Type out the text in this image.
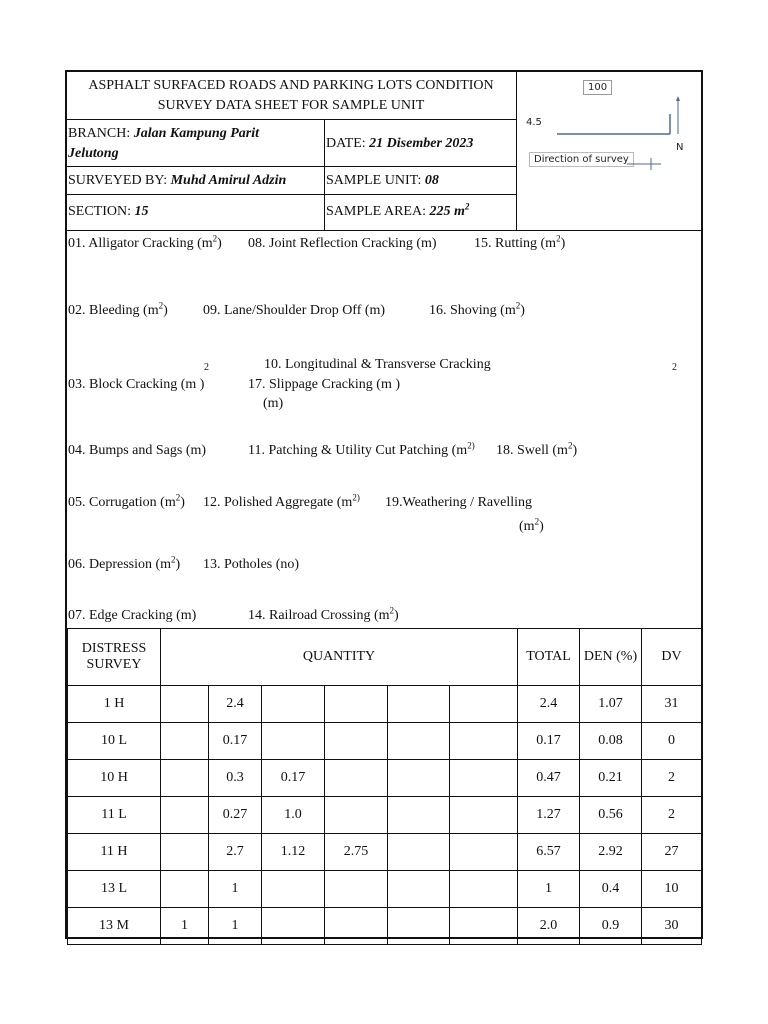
ASPHALT SURFACED ROADS AND PARKING LOTS CONDITION
SURVEY DATA SHEET FOR SAMPLE UNIT
BRANCH: Jalan Kampung Parit
Jelutong
DATE: 21 Disember 2023
SURVEYED BY: Muhd Amirul Adzin	SAMPLE UNIT: 08
SECTION: 15	SAMPLE AREA: 225 $m^2$
100
4.5
N
Direction of survey
01. Alligator Cracking $(m^2)$ 08. Joint Reflection Cracking (m)	15. Rutting $(m^2)$
02. Bleeding $(m^2)$	09. Lane/Shoulder Drop Off (m)	16. Shoving $(m^2)$
2	10. Longitudinal & Transverse Cracking	2
03. Block Cracking (m )	17. Slippage Cracking (m )
(m)
04. Bumps and Sags (m)	11. Patching & Utility Cut Patching ($m^{2)}$ 18. Swell $(m^2)$
05. Corrugation $(m^2)$ 12. Polished Aggregate ($m^{2)}$ 19.Weathering / Ravelling
$(m^2)$
06. Depression $(m^2)$ 13. Potholes (no)
07. Edge Cracking (m)	14. Railroad Crossing $(m^2)$
DISTRESS
SURVEY	QUANTITY						TOTAL	DEN (%)	DV
1 H		2.4					2.4	1.07	31
10 L		0.17					0.17	0.08	0
10 H		0.3	0.17				0.47	0.21	2
11 L		0.27	1.0				1.27	0.56	2
11 H		2.7	1.12	2.75			6.57	2.92	27
13 L		1					1	0.4	10
13 M	1	1					2.0	0.9	30
